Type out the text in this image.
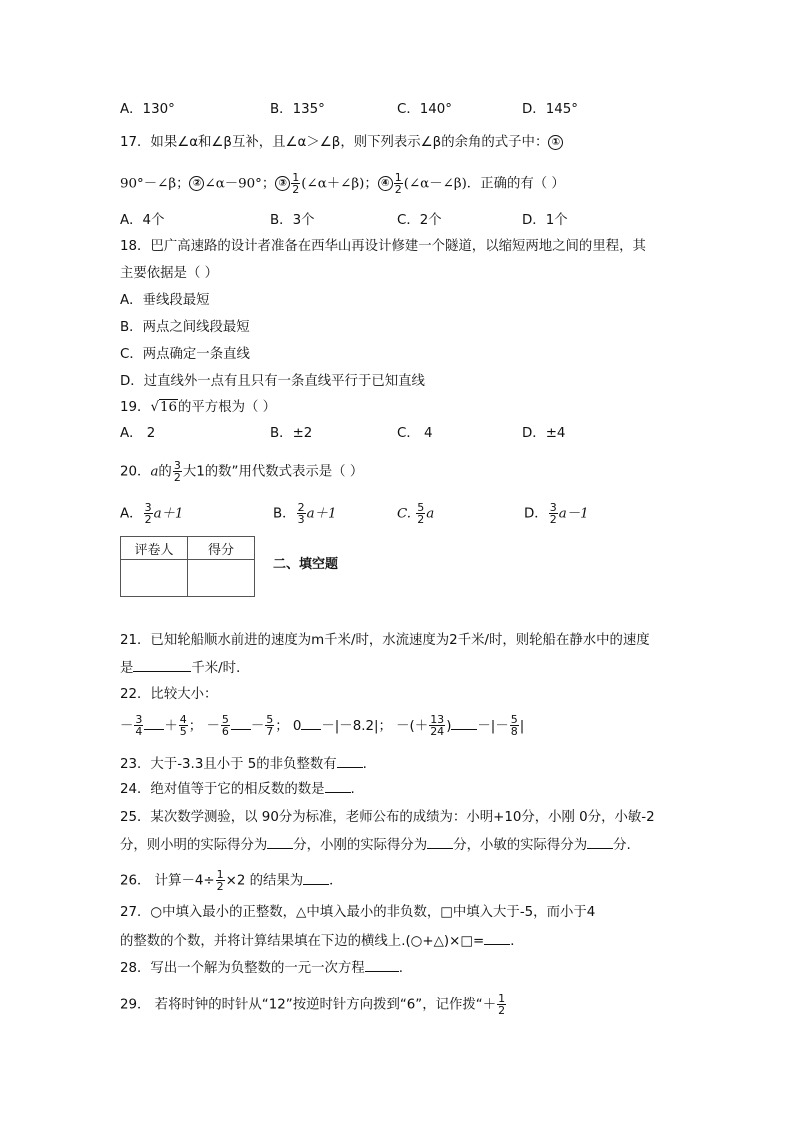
A．130°	B．135°	C．140°	D．145°
17．如果∠α和∠β互补，且∠α＞∠β，则下列表示∠β的余角的式子中： ①
90°－∠β； ② ∠α－90°； ③ $\frac{1}{2}$ (∠α＋∠β)； ④ $\frac{1}{2}$ (∠α－∠β)．正确的有（ ）
A．4个	B．3个	C．2个	D．1个
18．巴广高速路的设计者准备在西华山再设计修建一个隧道，以缩短两地之间的里程，其
主要依据是（ ）
A．垂线段最短
B．两点之间线段最短
C．两点确定一条直线
D．过直线外一点有且只有一条直线平行于已知直线
19．√16的平方根为（ ）
A． 2	B．±2	C． 4	D．±4
20．a的 $\frac{3}{2}$ 大1的数”用代数式表示是（ ）
A． $\frac{3}{2} a+1$	B． $\frac{2}{3} a+1$	C. $\frac{5}{2}$ a	D． $\frac{3}{2} a-1$
评卷人	得分

二、填空题
21．已知轮船顺水前进的速度为m千米/时，水流速度为2千米/时，则轮船在静水中的速度
是	千米/时．
22．比较大小：
－ $\frac{3}{4} + \frac{4}{5}$ ； － $\frac{5}{6} - \frac{5}{7}$ ； 0 －|－8.2|； －(＋ $\frac{13}{24}$ ) －|－ $\frac{5}{8}$ |
23．大于-3.3且小于 5的非负整数有 .
24．绝对值等于它的相反数的数是 .
25．某次数学测验，以 90分为标准，老师公布的成绩为：小明+10分，小刚 0分，小敏-2
分，则小明的实际得分为 分，小刚的实际得分为 分，小敏的实际得分为 分.
26． 计算$-4\div \frac{1}{2} \times 2$ 的结果为 ．
27．○中填入最小的正整数，△中填入最小的非负数，□中填入大于-5，而小于4
的整数的个数，并将计算结果填在下边的横线上.(○+△)×□= ．
28．写出一个解为负整数的一元一次方程	.
29． 若将时钟的时针从“12”按逆时针方向拨到“6”，记作拨“＋ $\frac{1}{2}$
